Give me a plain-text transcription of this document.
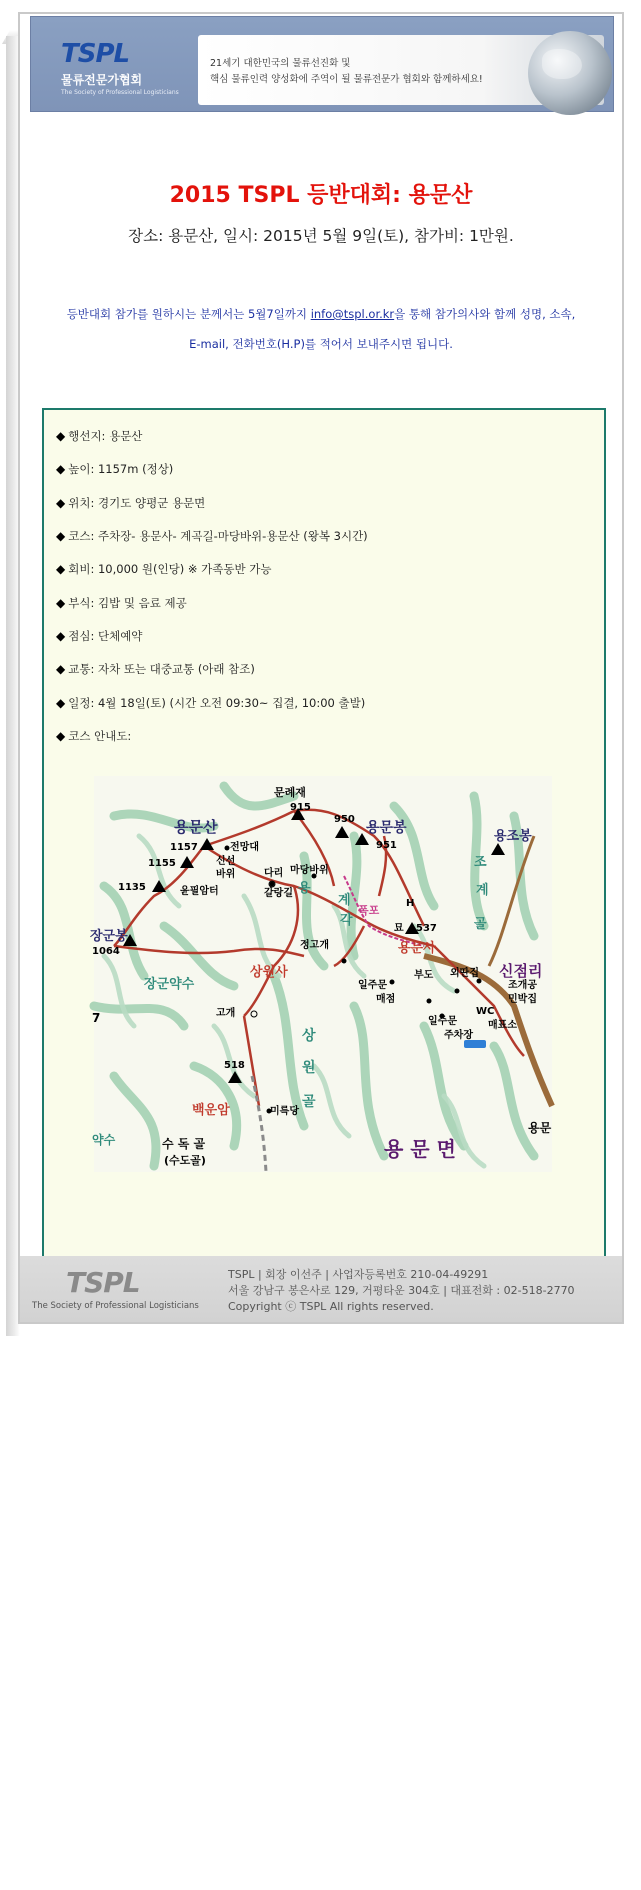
TSPL
물류전문가협회
The Society of Professional Logisticians
21세기 대한민국의 물류선진화 및
핵심 물류인력 양성화에 주역이 될 물류전문가 협회와 함께하세요!
2015 TSPL 등반대회: 용문산
장소: 용문산, 일시: 2015년 5월 9일(토), 참가비: 1만원.
등반대회 참가를 원하시는 분께서는 5월7일까지 info@tspl.or.kr을 통해 참가의사와 함께 성명, 소속,
E-mail, 전화번호(H.P)를 적어서 보내주시면 됩니다.
◆ 행선지: 용문산
◆ 높이: 1157m (정상)
◆ 위치: 경기도 양평군 용문면
◆ 코스: 주차장- 용문사- 계곡길-마당바위-용문산 (왕복 3시간)
◆ 회비: 10,000 원(인당) ※ 가족동반 가능
◆ 부식: 김밥 및 음료 제공
◆ 점심: 단체예약
◆ 교통: 자차 또는 대중교통 (아래 참조)
◆ 일정: 4월 18일(토) (시간 오전 09:30~ 집결, 10:00 출발)
◆ 코스 안내도:
문례재
915
950
용문봉
951
용조봉
용문산
1157	전망대
1155	신선
바위	마당바위
다리
갈랑길
1135	윤필암터
장군봉
1064
H
묘 537
신점리
상원사
정고개	용문사
부도 외딴집
장군약수	일주문
매점
조개공
민박집
고개
일주문
WC
매표소
주차장
518
미륵당
백운암
수 독 골
(수도골)
약수	용 문 면
용문
상
원
골
조
계
골
용
계
각
폭포
7
TSPL
The Society of Professional Logisticians
TSPL | 회장 이선주 | 사업자등록번호 210-04-49291
서울 강남구 봉은사로 129, 거평타운 304호 | 대표전화 : 02-518-2770
Copyright ⓒ TSPL All rights reserved.
